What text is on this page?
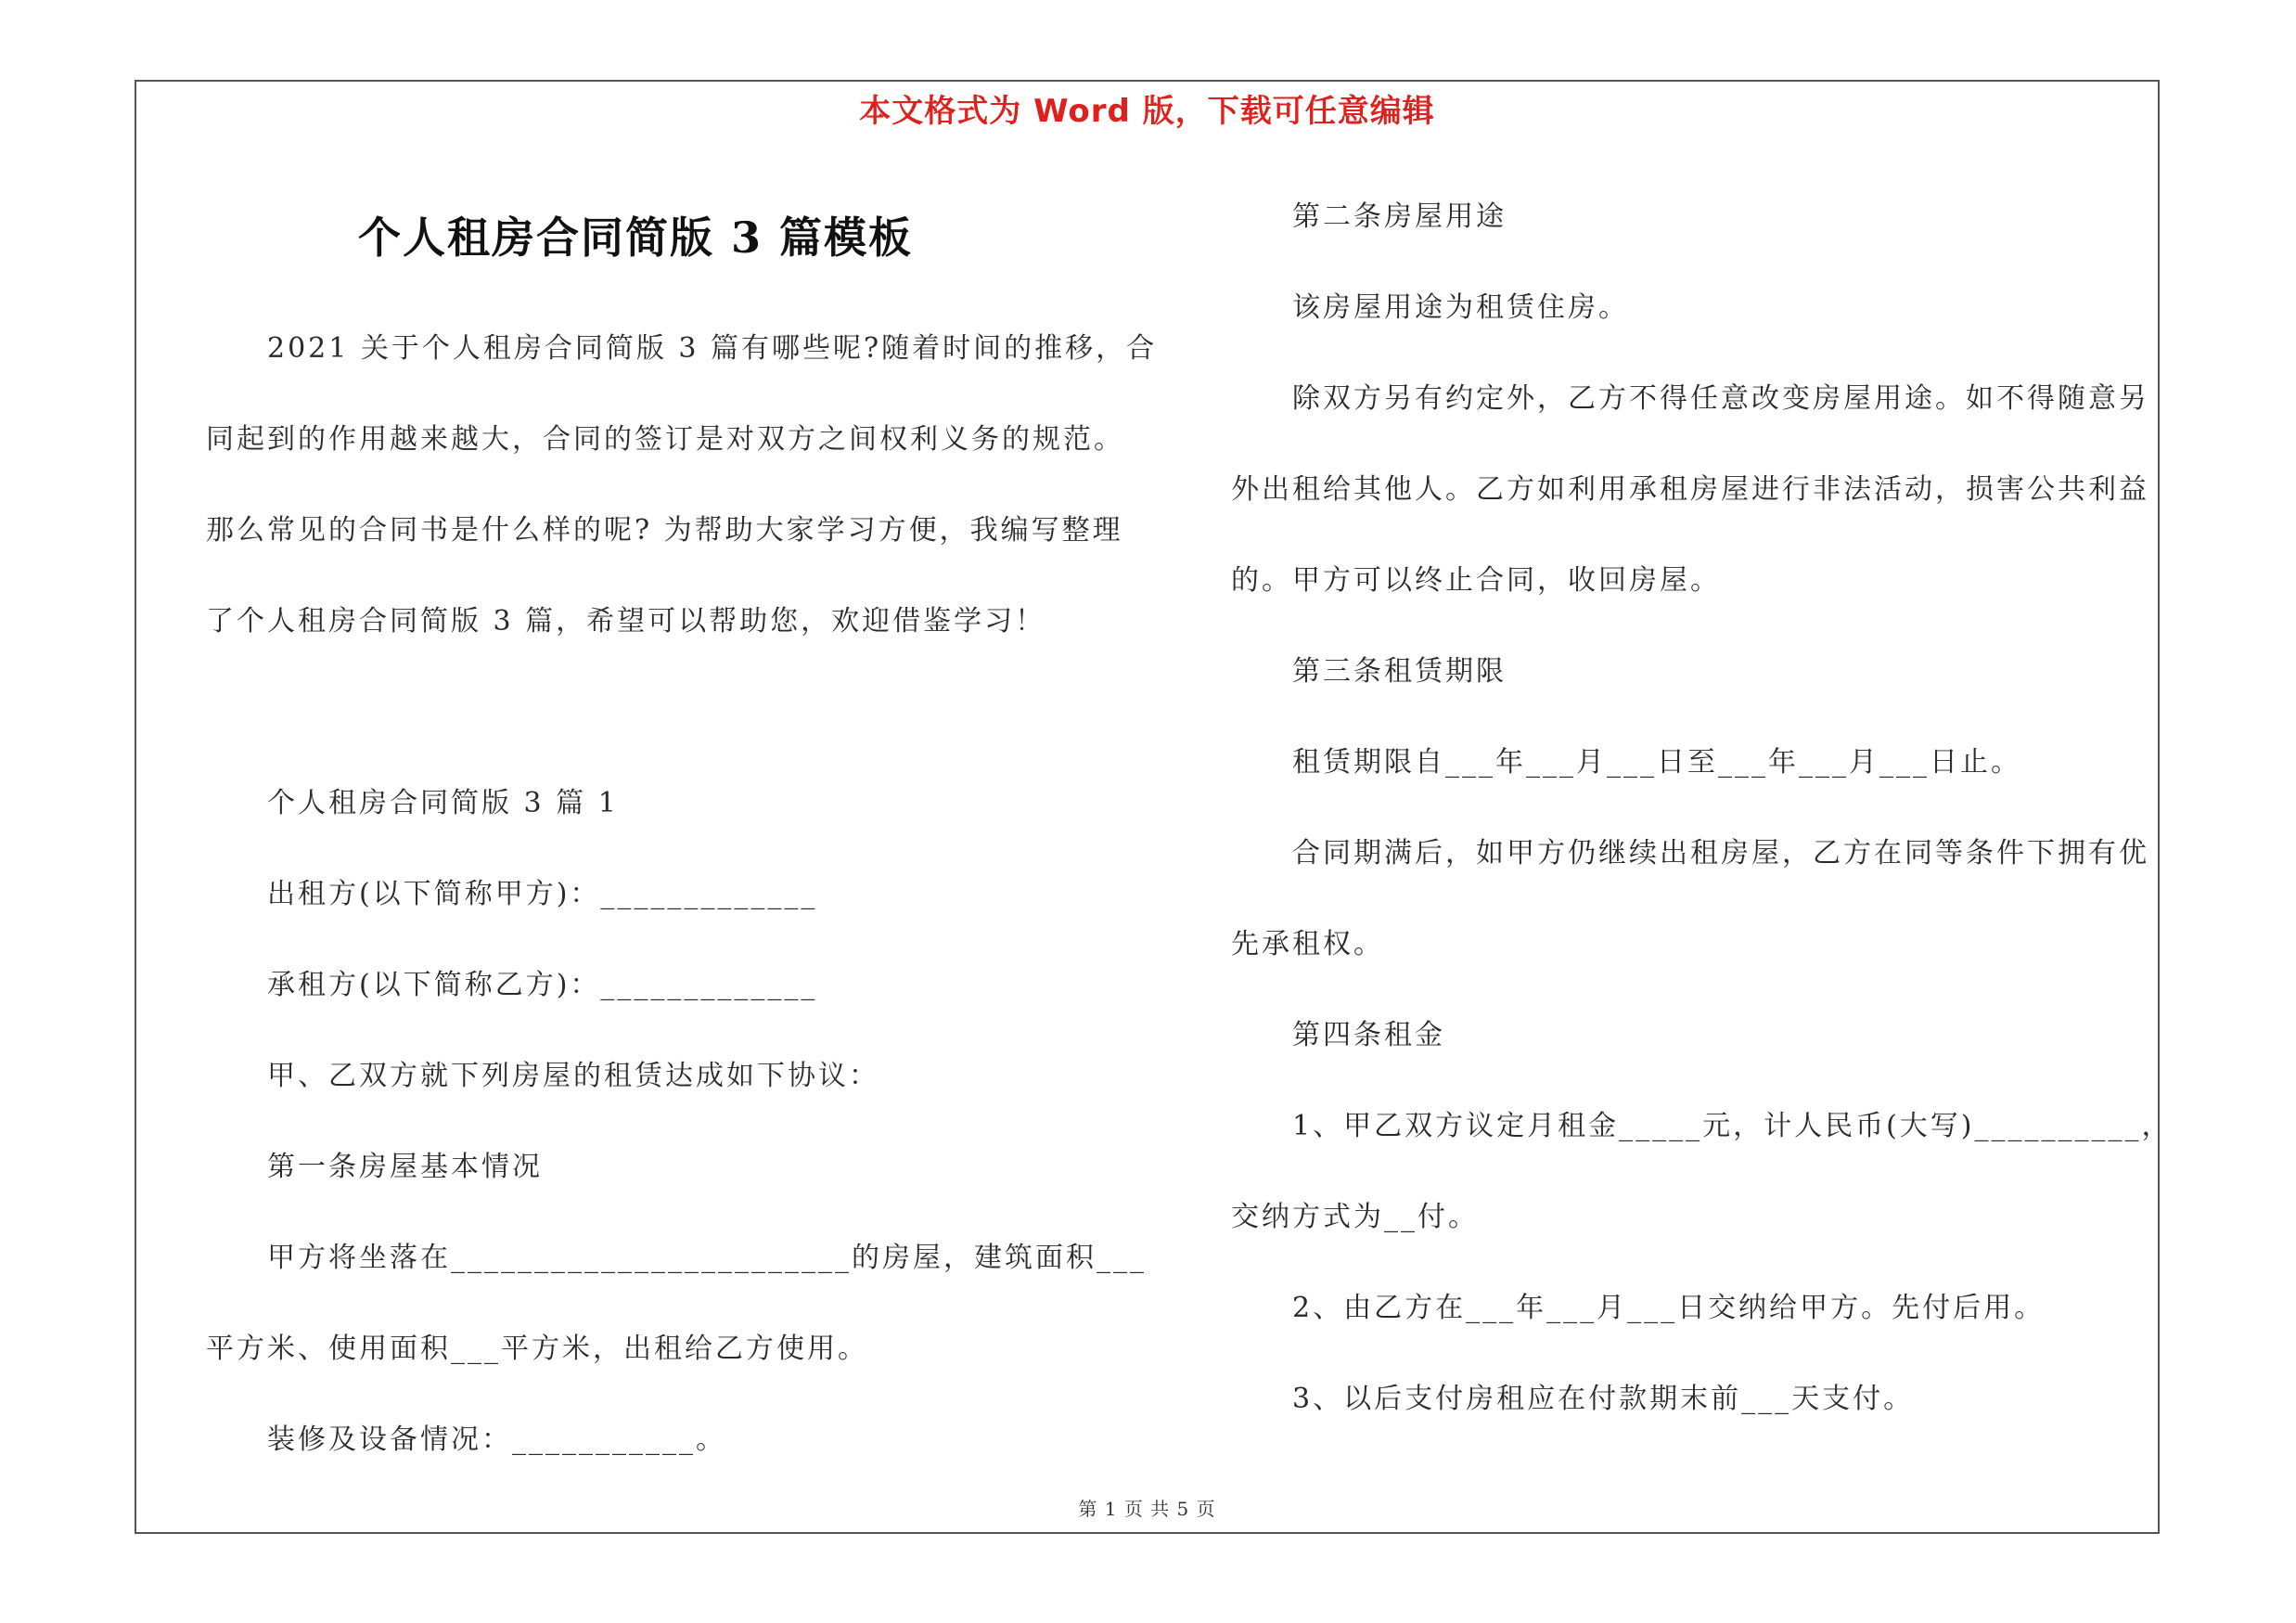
本文格式为 Word 版，下载可任意编辑
个人租房合同简版 3 篇模板
2021 关于个人租房合同简版 3 篇有哪些呢?随着时间的推移，合
同起到的作用越来越大，合同的签订是对双方之间权利义务的规范。
那么常见的合同书是什么样的呢? 为帮助大家学习方便，我编写整理
了个人租房合同简版 3 篇，希望可以帮助您，欢迎借鉴学习！
个人租房合同简版 3 篇 1
出租方(以下简称甲方)：_____________
承租方(以下简称乙方)：_____________
甲、乙双方就下列房屋的租赁达成如下协议：
第一条房屋基本情况
甲方将坐落在________________________的房屋，建筑面积___
平方米、使用面积___平方米，出租给乙方使用。
装修及设备情况：___________。
第二条房屋用途
该房屋用途为租赁住房。
除双方另有约定外，乙方不得任意改变房屋用途。如不得随意另
外出租给其他人。乙方如利用承租房屋进行非法活动，损害公共利益
的。甲方可以终止合同，收回房屋。
第三条租赁期限
租赁期限自___年___月___日至___年___月___日止。
合同期满后，如甲方仍继续出租房屋，乙方在同等条件下拥有优
先承租权。
第四条租金
1、甲乙双方议定月租金_____元，计人民币(大写)__________，
交纳方式为__付。
2、由乙方在___年___月___日交纳给甲方。先付后用。
3、以后支付房租应在付款期末前___天支付。
第 1 页 共 5 页
